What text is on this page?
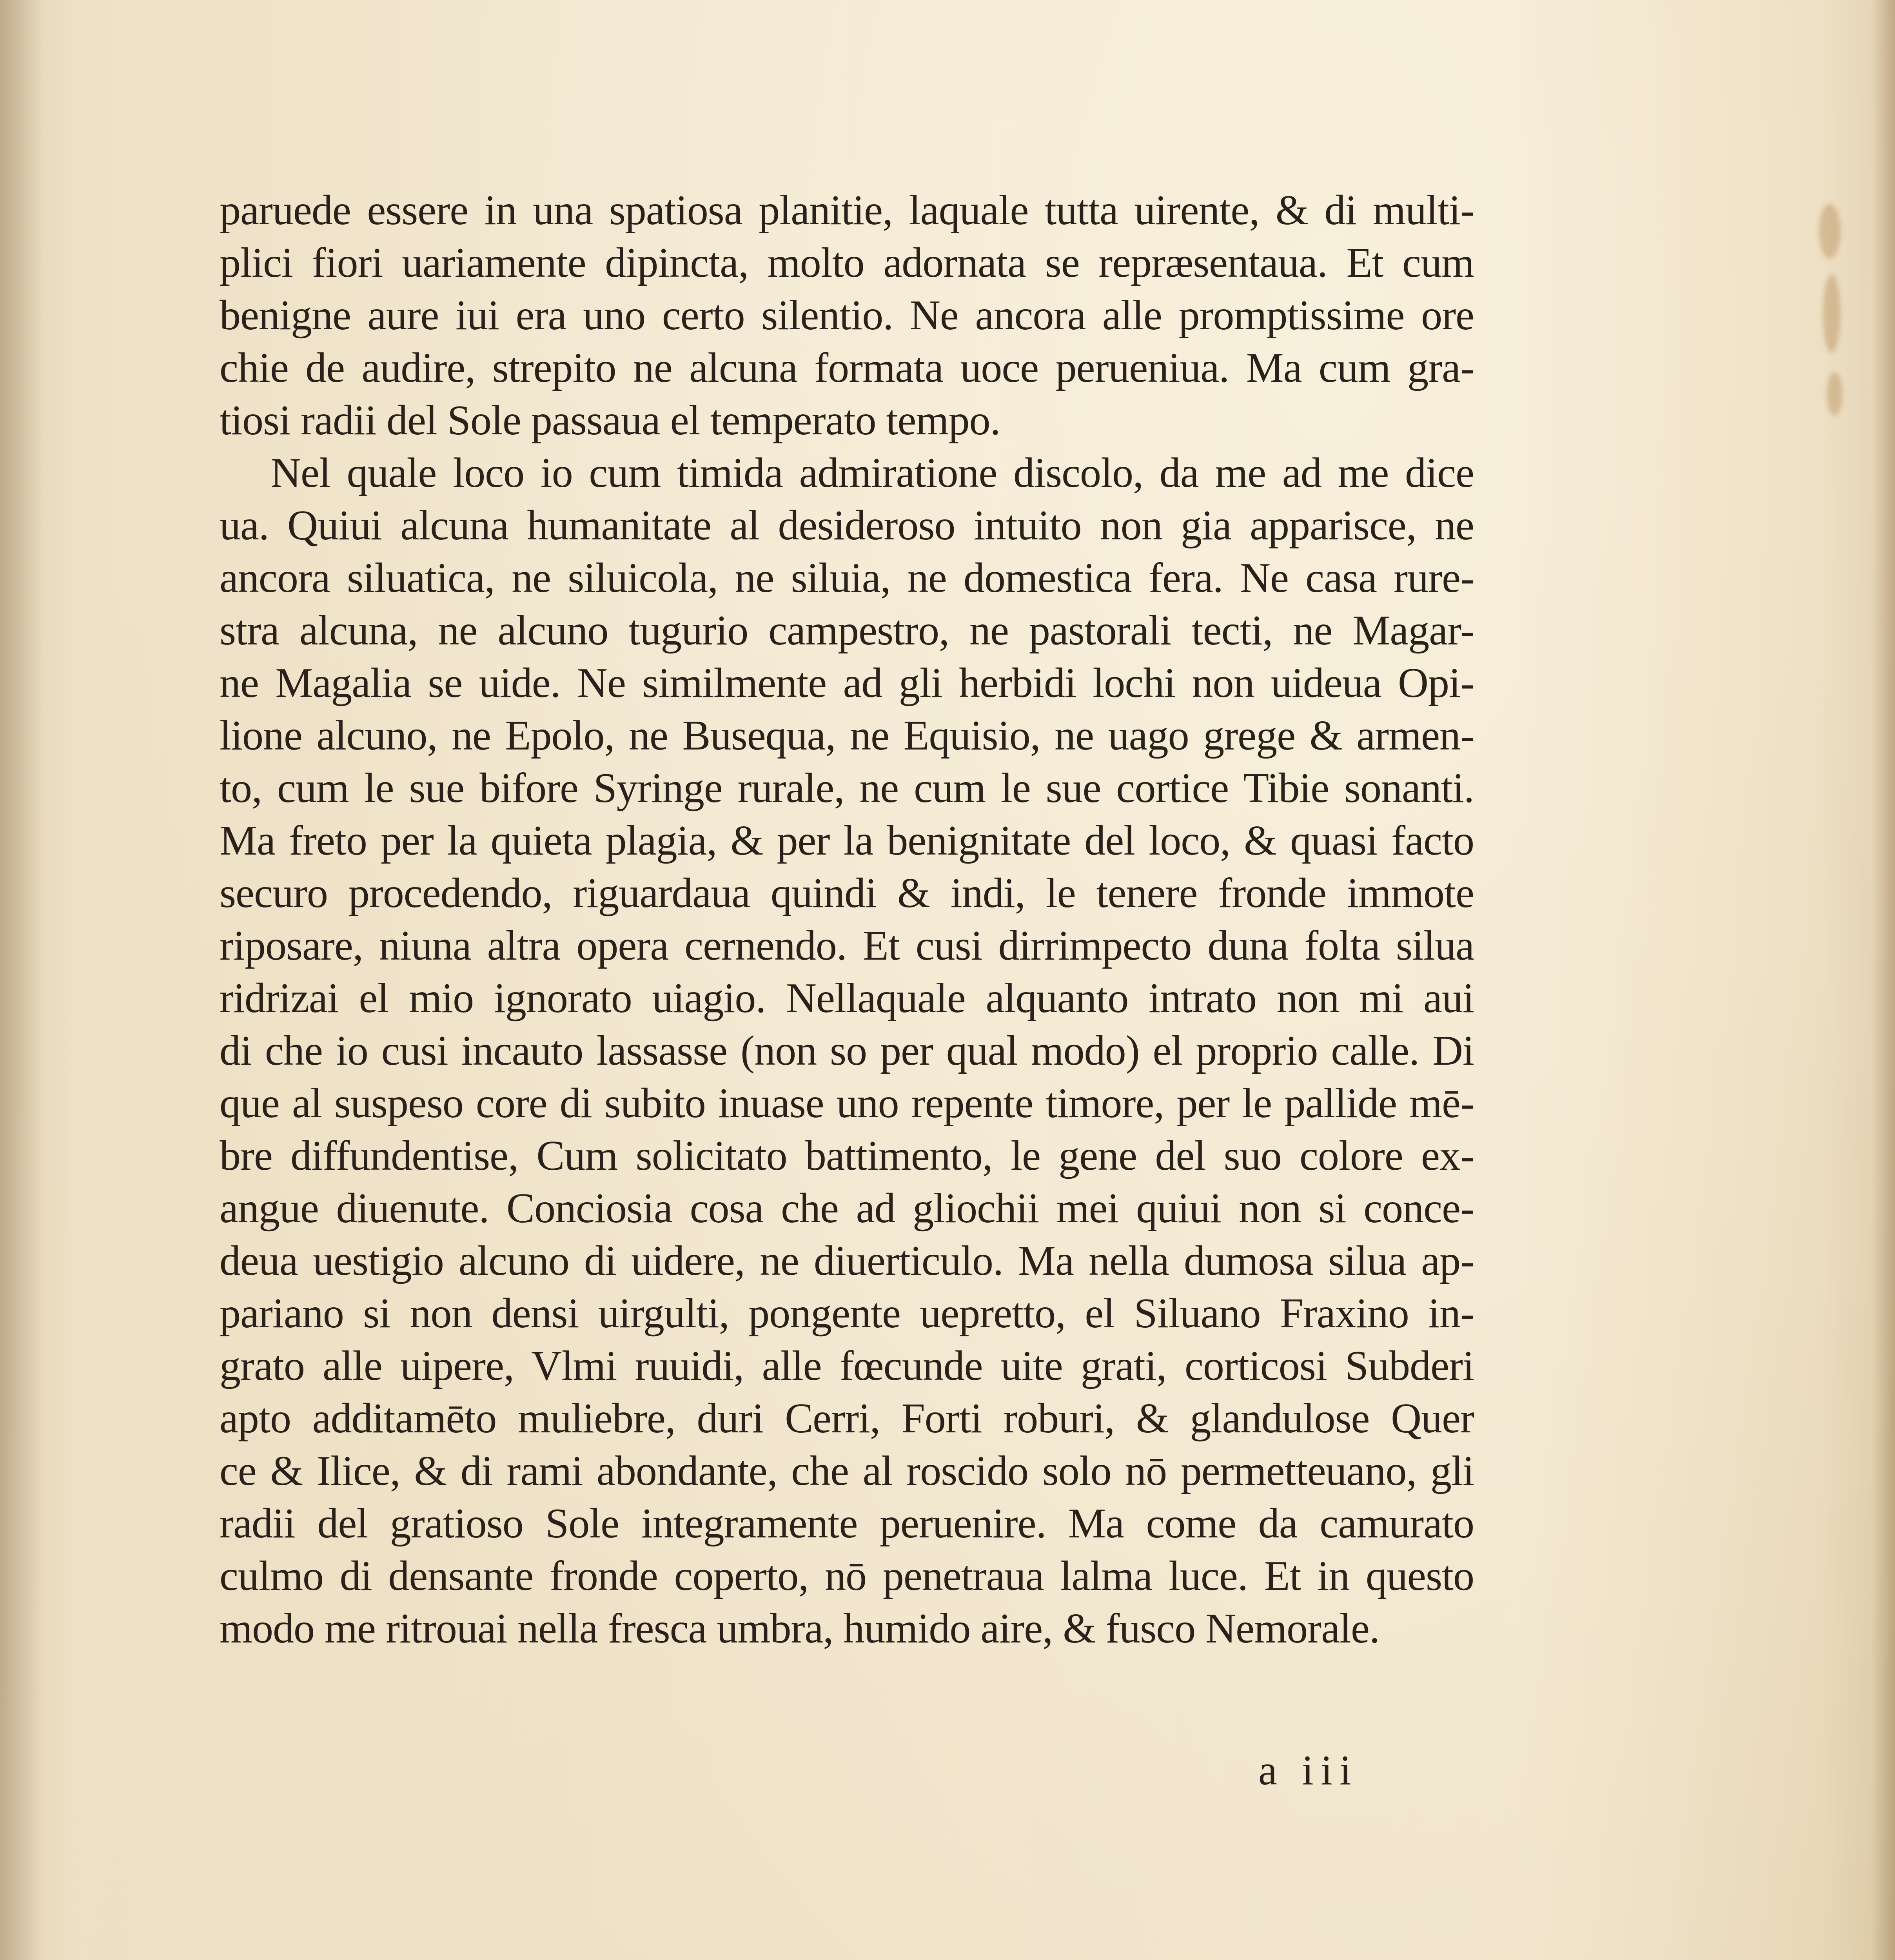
paruede essere in una spatiosa planitie, laquale tutta uirente, & di multi-
plici fiori uariamente dipincta, molto adornata se repræsentaua. Et cum
benigne aure iui era uno certo silentio. Ne ancora alle promptissime ore
chie de audire, strepito ne alcuna formata uoce perueniua. Ma cum gra-
tiosi radii del Sole passaua el temperato tempo.
Nel quale loco io cum timida admiratione discolo, da me ad me dice
ua. Quiui alcuna humanitate al desideroso intuito non gia apparisce, ne
ancora siluatica, ne siluicola, ne siluia, ne domestica fera. Ne casa rure-
stra alcuna, ne alcuno tugurio campestro, ne pastorali tecti, ne Magar-
ne Magalia se uide. Ne similmente ad gli herbidi lochi non uideua Opi-
lione alcuno, ne Epolo, ne Busequa, ne Equisio, ne uago grege & armen-
to, cum le sue bifore Syringe rurale, ne cum le sue cortice Tibie sonanti.
Ma freto per la quieta plagia, & per la benignitate del loco, & quasi facto
securo procedendo, riguardaua quindi & indi, le tenere fronde immote
riposare, niuna altra opera cernendo. Et cusi dirrimpecto duna folta silua
ridrizai el mio ignorato uiagio. Nellaquale alquanto intrato non mi aui
di che io cusi incauto lassasse (non so per qual modo) el proprio calle. Di
que al suspeso core di subito inuase uno repente timore, per le pallide mē-
bre diffundentise, Cum solicitato battimento, le gene del suo colore ex-
angue diuenute. Conciosia cosa che ad gliochii mei quiui non si conce-
deua uestigio alcuno di uidere, ne diuerticulo. Ma nella dumosa silua ap-
pariano si non densi uirgulti, pongente uepretto, el Siluano Fraxino in-
grato alle uipere, Vlmi ruuidi, alle fœcunde uite grati, corticosi Subderi
apto additamēto muliebre, duri Cerri, Forti roburi, & glandulose Quer
ce & Ilice, & di rami abondante, che al roscido solo nō permetteuano, gli
radii del gratioso Sole integramente peruenire. Ma come da camurato
culmo di densante fronde coperto, nō penetraua lalma luce. Et in questo
modo me ritrouai nella fresca umbra, humido aire, & fusco Nemorale.
a iii
